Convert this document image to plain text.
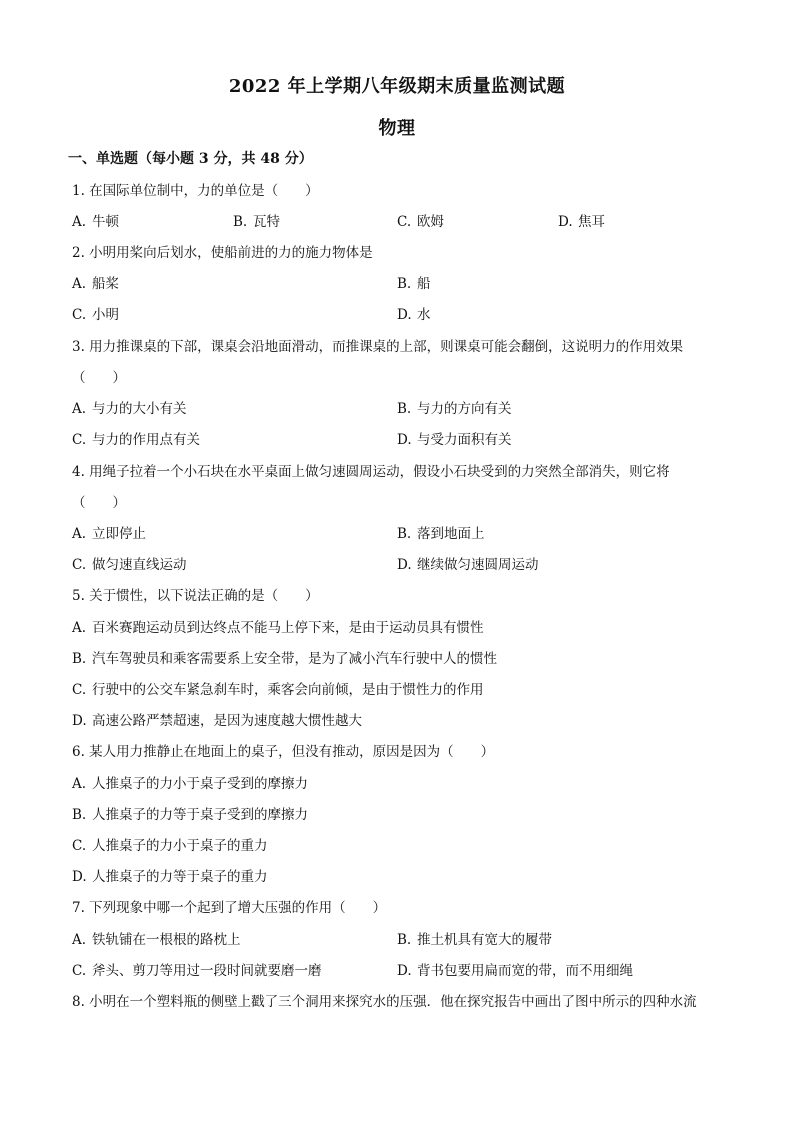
2022 年上学期八年级期末质量监测试题
物理
一、单选题（每小题 3 分，共 48 分）
1. 在国际单位制中，力的单位是（　　）
A. 牛顿	B. 瓦特	C. 欧姆	D. 焦耳
2. 小明用桨向后划水，使船前进的力的施力物体是
A. 船桨	B. 船
C. 小明	D. 水
3. 用力推课桌的下部，课桌会沿地面滑动，而推课桌的上部，则课桌可能会翻倒，这说明力的作用效果
（　　）
A. 与力的大小有关	B. 与力的方向有关
C. 与力的作用点有关	D. 与受力面积有关
4. 用绳子拉着一个小石块在水平桌面上做匀速圆周运动，假设小石块受到的力突然全部消失，则它将
（　　）
A. 立即停止	B. 落到地面上
C. 做匀速直线运动	D. 继续做匀速圆周运动
5. 关于惯性，以下说法正确的是（　　）
A. 百米赛跑运动员到达终点不能马上停下来，是由于运动员具有惯性
B. 汽车驾驶员和乘客需要系上安全带，是为了减小汽车行驶中人的惯性
C. 行驶中的公交车紧急刹车时，乘客会向前倾，是由于惯性力的作用
D. 高速公路严禁超速，是因为速度越大惯性越大
6. 某人用力推静止在地面上的桌子，但没有推动，原因是因为（　　）
A. 人推桌子的力小于桌子受到的摩擦力
B. 人推桌子的力等于桌子受到的摩擦力
C. 人推桌子的力小于桌子的重力
D. 人推桌子的力等于桌子的重力
7. 下列现象中哪一个起到了增大压强的作用（　　）
A. 铁轨铺在一根根的路枕上	B. 推土机具有宽大的履带
C. 斧头、剪刀等用过一段时间就要磨一磨	D. 背书包要用扁而宽的带，而不用细绳
8. 小明在一个塑料瓶的侧壁上戳了三个洞用来探究水的压强．他在探究报告中画出了图中所示的四种水流
